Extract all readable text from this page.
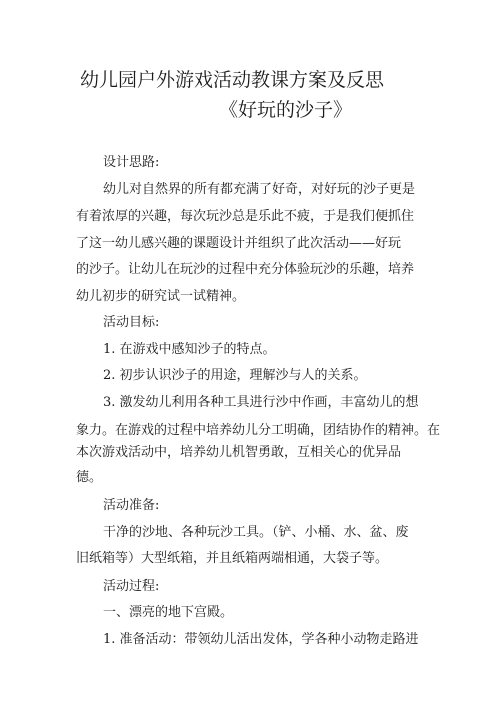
幼儿园户外游戏活动教课方案及反思
《好玩的沙子》
设计思路:
幼儿对自然界的所有都充满了好奇，对好玩的沙子更是
有着浓厚的兴趣，每次玩沙总是乐此不疲，于是我们便抓住
了这一幼儿感兴趣的课题设计并组织了此次活动——好玩
的沙子。让幼儿在玩沙的过程中充分体验玩沙的乐趣，培养
幼儿初步的研究试一试精神。
活动目标:
1. 在游戏中感知沙子的特点。
2. 初步认识沙子的用途，理解沙与人的关系。
3. 激发幼儿利用各种工具进行沙中作画，丰富幼儿的想
象力。在游戏的过程中培养幼儿分工明确，团结协作的精神。在
本次游戏活动中，培养幼儿机智勇敢，互相关心的优异品
德。
活动准备:
干净的沙地、各种玩沙工具。（铲、小桶、水、盆、废
旧纸箱等）大型纸箱，并且纸箱两端相通，大袋子等。
活动过程:
一、漂亮的地下宫殿。
1. 准备活动：带领幼儿活出发体，学各种小动物走路进
